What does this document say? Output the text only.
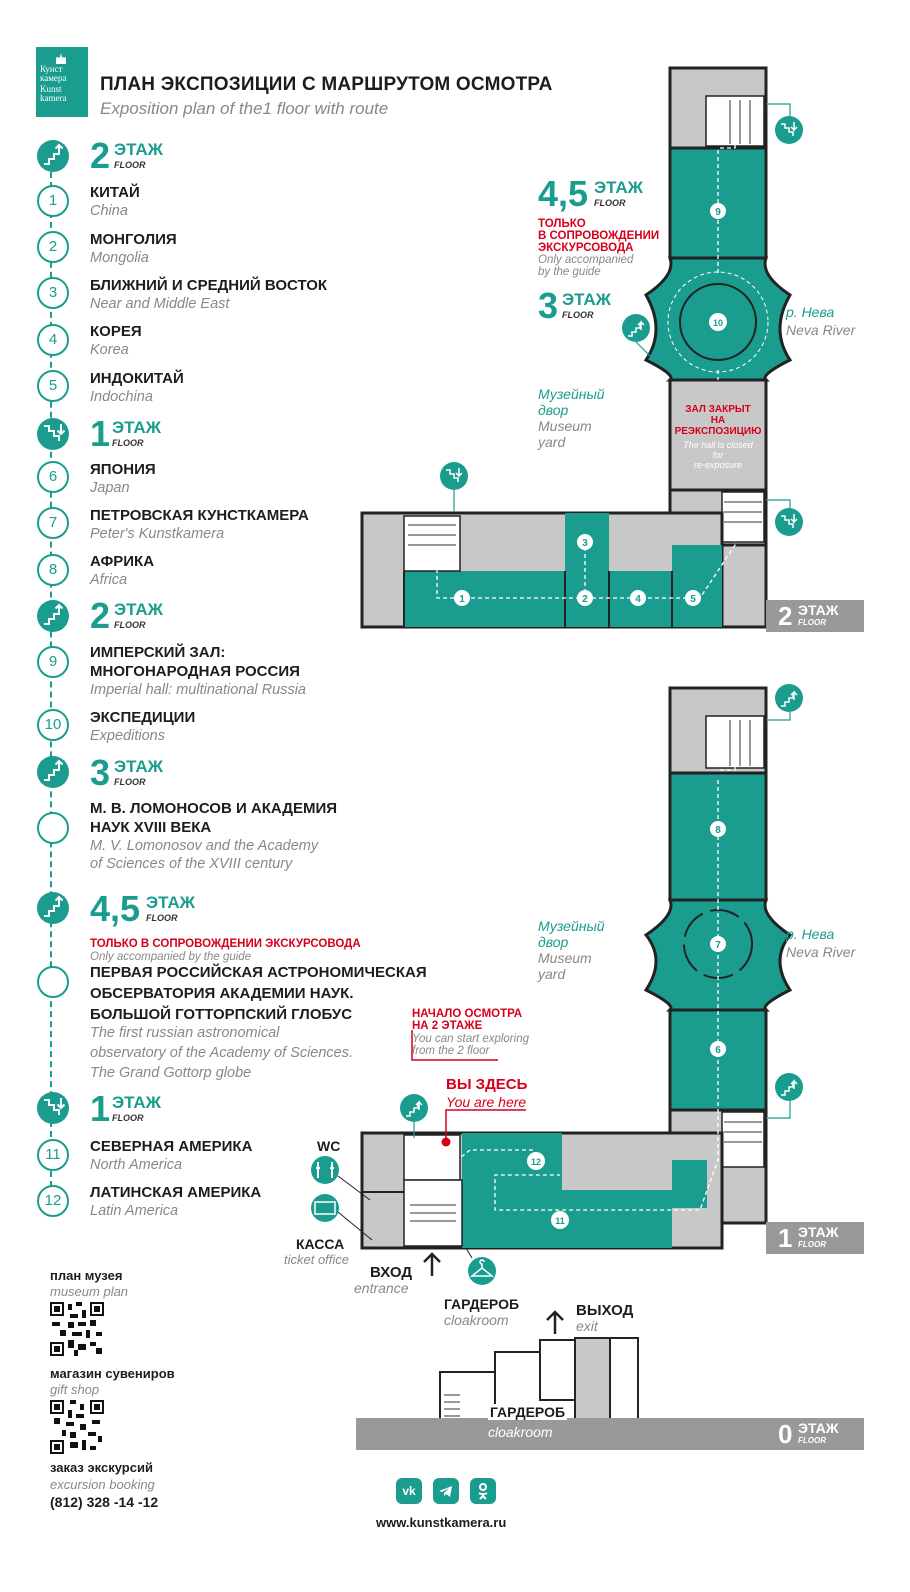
Кунст
камера
Kunst
kamera
ПЛАН ЭКСПОЗИЦИИ С МАРШРУТОМ ОСМОТРА
Exposition plan of the1 floor with route
2 ЭТАЖ
FLOOR
1	КИТАЙ
China
2	МОНГОЛИЯ
Mongolia
3	БЛИЖНИЙ И СРЕДНИЙ ВОСТОК
Near and Middle East
4	КОРЕЯ
Korea
5	ИНДОКИТАЙ
Indochina
1 ЭТАЖ
FLOOR
6	ЯПОНИЯ
Japan
7	ПЕТРОВСКАЯ КУНСТКАМЕРА
Peter's Kunstkamera
8	АФРИКА
Africa
2 ЭТАЖ
FLOOR
9
ИМПЕРСКИЙ ЗАЛ:
МНОГОНАРОДНАЯ РОССИЯ
Imperial hall: multinational Russia
10	ЭКСПЕДИЦИИ
Expeditions
3 ЭТАЖ
FLOOR
М. В. ЛОМОНОСОВ И АКАДЕМИЯ
НАУК XVIII ВЕКА
M. V. Lomonosov and the Academy
of Sciences of the XVIII century
4,5 ЭТАЖ
FLOOR
ТОЛЬКО В СОПРОВОЖДЕНИИ ЭКСКУРСОВОДА
Only accompanied by the guide
ПЕРВАЯ РОССИЙСКАЯ АСТРОНОМИЧЕСКАЯ
ОБСЕРВАТОРИЯ АКАДЕМИИ НАУК.
БОЛЬШОЙ ГОТТОРПСКИЙ ГЛОБУС
The first russian astronomical
observatory of the Academy of Sciences.
The Grand Gottorp globe
1 ЭТАЖ
FLOOR
11	СЕВЕРНАЯ АМЕРИКА
North America
12	ЛАТИНСКАЯ АМЕРИКА
Latin America
план музея
museum plan
магазин сувениров
gift shop
заказ экскурсий
excursion booking
(812) 328 -14 -12
vk
www.kunstkamera.ru
1	2
3
4	5
9
10
8
7
6
11
12
4,5 ЭТАЖ
FLOOR
ТОЛЬКО
В СОПРОВОЖДЕНИИ
ЭКСКУРСОВОДА
Only accompanied
by the guide
3 ЭТАЖ
FLOOR	р. Нева
Neva River
Музейный
двор
Museum
yard
ЗАЛ ЗАКРЫТ
НА
РЕЭКСПОЗИЦИЮ
The hall is closed
for
re-exposure
2 ЭТАЖ
FLOOR
Музейный
двор
Museum
yard
р. Нева
Neva River
НАЧАЛО ОСМОТРА
НА 2 ЭТАЖЕ
You can start exploring
from the 2 floor
ВЫ ЗДЕСЬ
You are here
WC
КАССА
ticket office
ВХОД
entrance
ГАРДЕРОБ
cloakroom
1 ЭТАЖ
FLOOR
ВЫХОД
exit
0 ЭТАЖ
FLOOR
ГАРДЕРОБ
cloakroom
